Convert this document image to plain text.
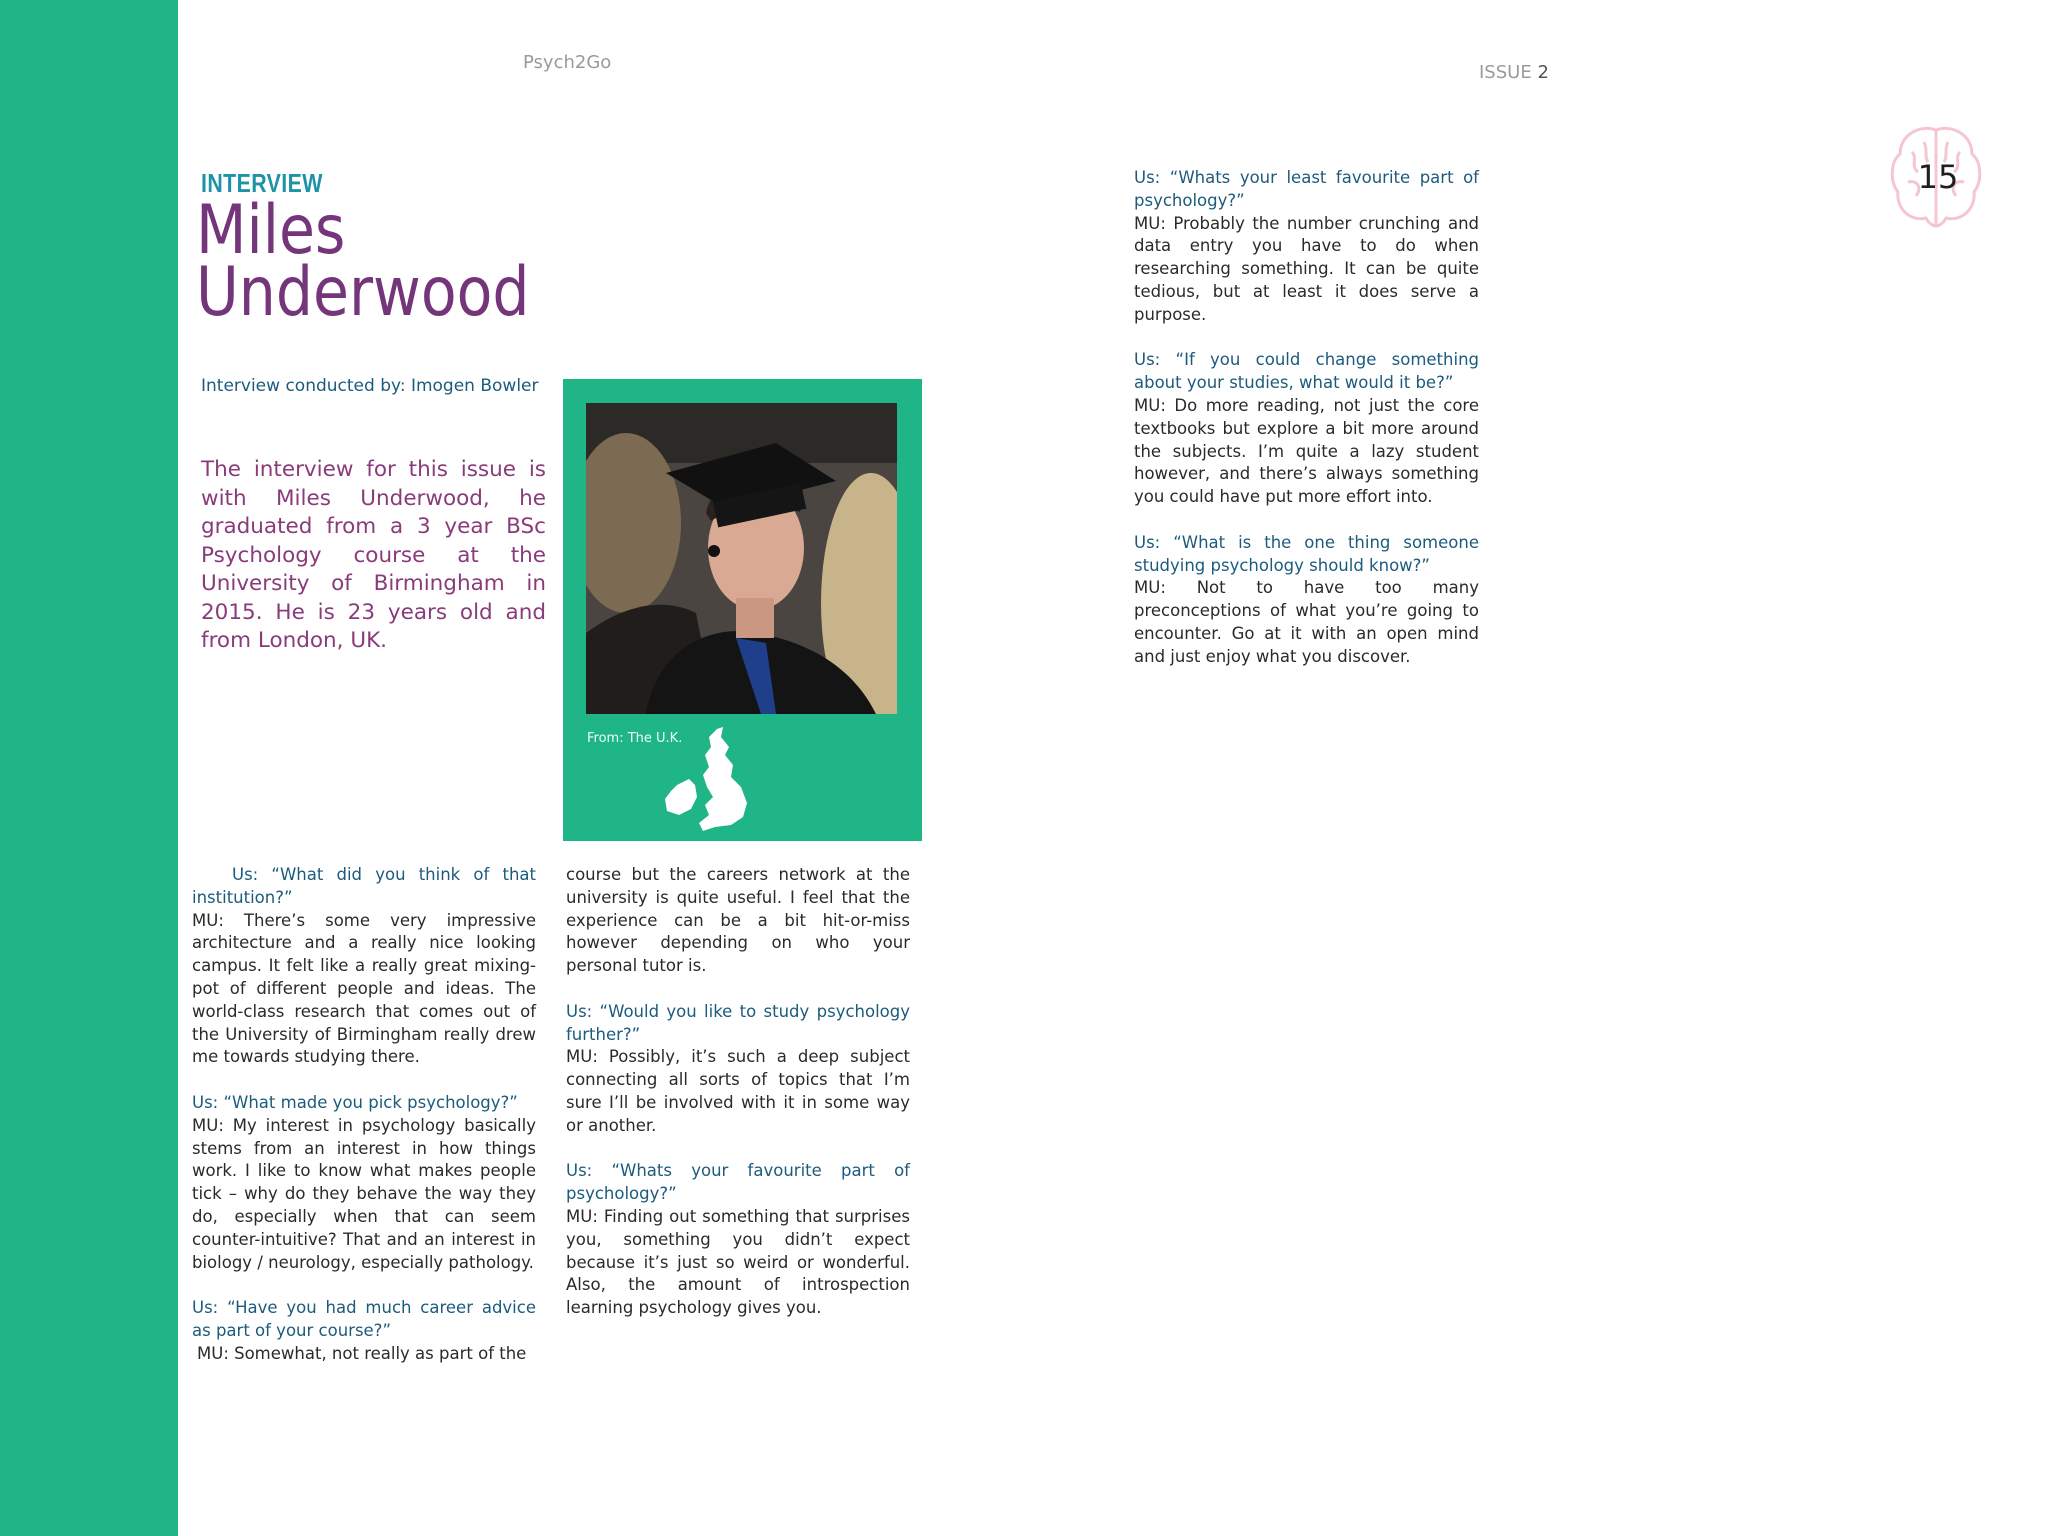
Psych2Go	ISSUE 2
15
INTERVIEW
Miles
Underwood
Interview conducted by: Imogen Bowler
The interview for this issue is with Miles Underwood, he graduated from a 3 year BSc Psychology course at the University of Birmingham in 2015. He is 23 years old and from London, UK.
From: The U.K.
Us: “What did you think of that institution?”

MU: There’s some very impressive architecture and a really nice looking campus. It felt like a really great mixing-pot of different people and ideas. The world-class research that comes out of the University of Birmingham really drew me towards studying there.

Us: “What made you pick psychology?”

MU: My interest in psychology basically stems from an interest in how things work. I like to know what makes people tick – why do they behave the way they do, especially when that can seem counter-intuitive? That and an interest in biology / neurology, especially pathology.

Us: “Have you had much career advice as part of your course?”
MU: Somewhat, not really as part of the

course but the careers network at the university is quite useful. I feel that the experience can be a bit hit-or-miss however depending on who your personal tutor is.

Us: “Would you like to study psychology further?”

MU: Possibly, it’s such a deep subject connecting all sorts of topics that I’m sure I’ll be involved with it in some way or another.

Us: “Whats your favourite part of psychology?”

MU: Finding out something that surprises you, something you didn’t expect because it’s just so weird or wonderful. Also, the amount of introspection learning psychology gives you.

Us: “Whats your least favourite part of psychology?”

MU: Probably the number crunching and data entry you have to do when researching something. It can be quite tedious, but at least it does serve a purpose.

Us: “If you could change something about your studies, what would it be?”

MU: Do more reading, not just the core textbooks but explore a bit more around the subjects. I’m quite a lazy student however, and there’s always something you could have put more effort into.

Us: “What is the one thing someone studying psychology should know?”

MU: Not to have too many preconceptions of what you’re going to encounter. Go at it with an open mind and just enjoy what you discover.
